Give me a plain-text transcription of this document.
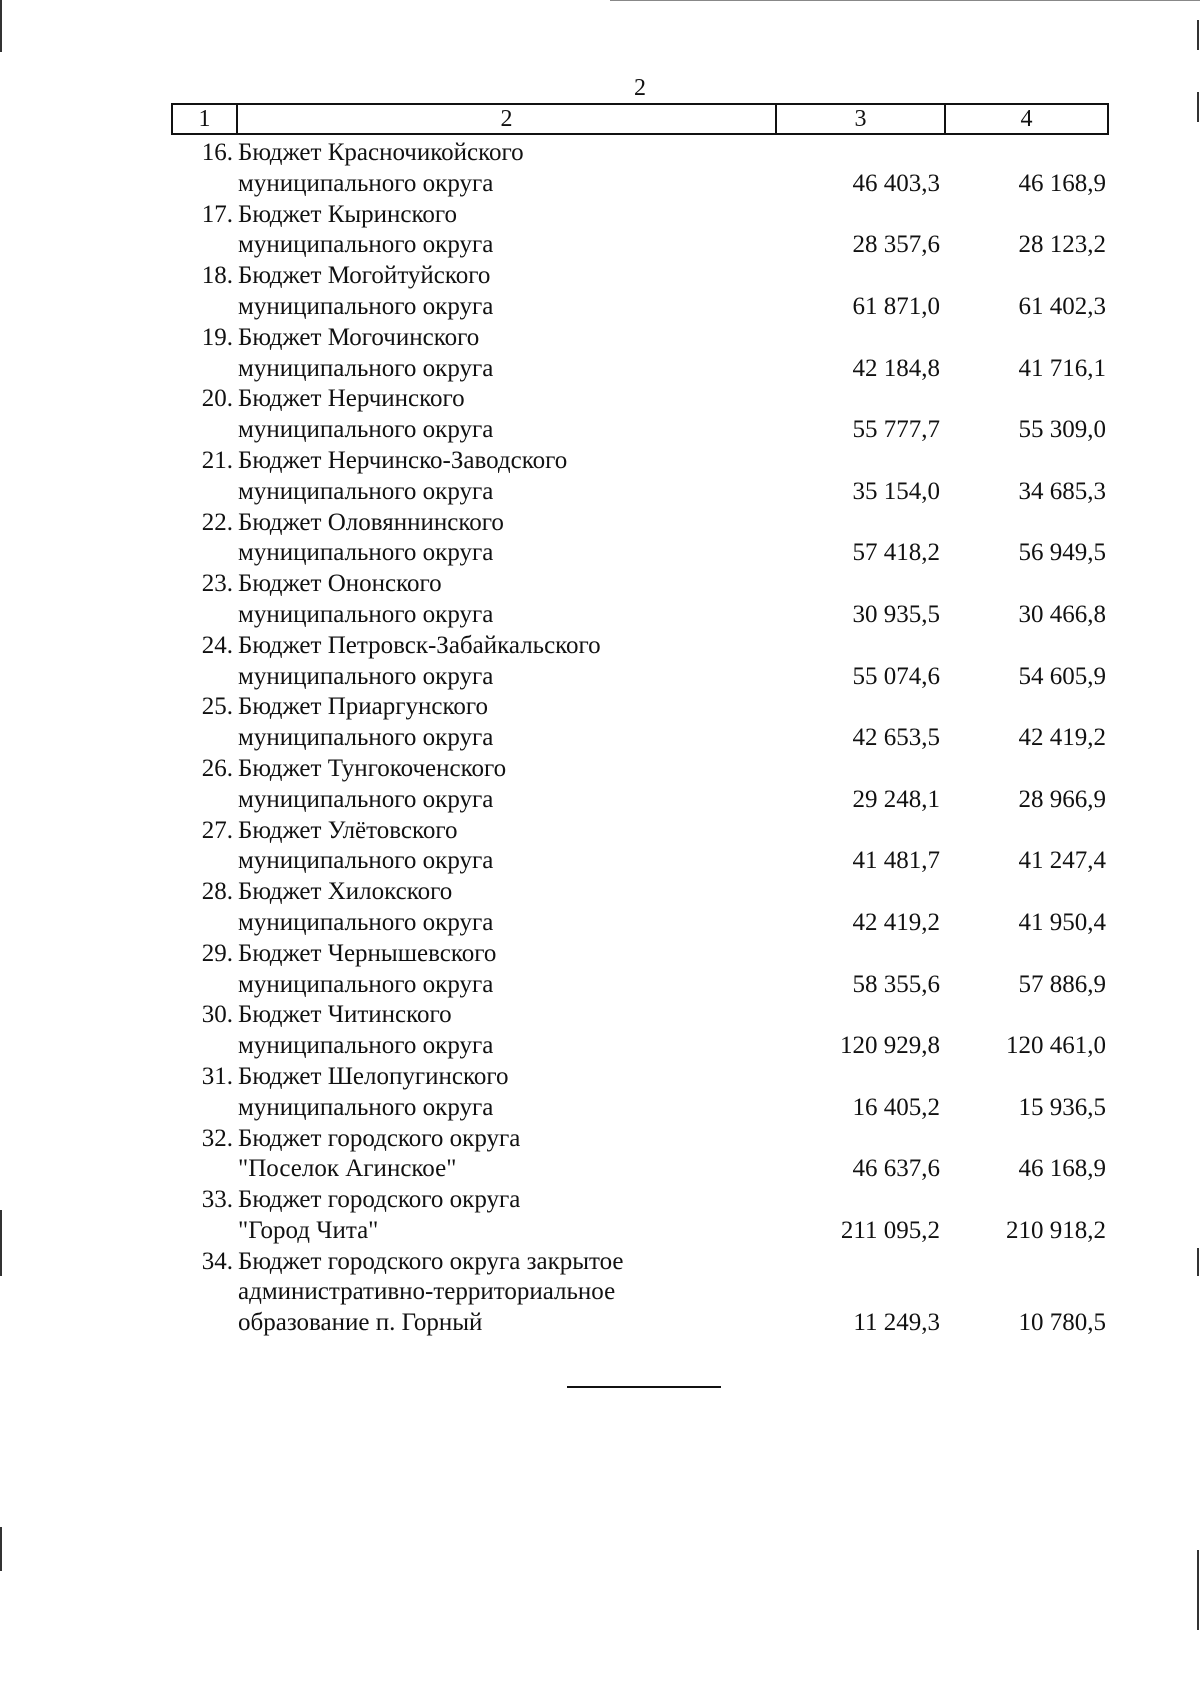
2
1	2	3	4
16. Бюджет Красночикойского
муниципального округа	46 403,3	46 168,9
17. Бюджет Кыринского
муниципального округа	28 357,6	28 123,2
18. Бюджет Могойтуйского
муниципального округа	61 871,0	61 402,3
19. Бюджет Могочинского
муниципального округа	42 184,8	41 716,1
20. Бюджет Нерчинского
муниципального округа	55 777,7	55 309,0
21. Бюджет Нерчинско-Заводского
муниципального округа	35 154,0	34 685,3
22. Бюджет Оловяннинского
муниципального округа	57 418,2	56 949,5
23. Бюджет Ононского
муниципального округа	30 935,5	30 466,8
24. Бюджет Петровск-Забайкальского
муниципального округа	55 074,6	54 605,9
25. Бюджет Приаргунского
муниципального округа	42 653,5	42 419,2
26. Бюджет Тунгокоченского
муниципального округа	29 248,1	28 966,9
27. Бюджет Улётовского
муниципального округа	41 481,7	41 247,4
28. Бюджет Хилокского
муниципального округа	42 419,2	41 950,4
29. Бюджет Чернышевского
муниципального округа	58 355,6	57 886,9
30. Бюджет Читинского
муниципального округа	120 929,8	120 461,0
31. Бюджет Шелопугинского
муниципального округа	16 405,2	15 936,5
32. Бюджет городского округа
"Поселок Агинское"	46 637,6	46 168,9
33. Бюджет городского округа
"Город Чита"	211 095,2	210 918,2
34. Бюджет городского округа закрытое
административно-территориальное
образование п. Горный	11 249,3	10 780,5
